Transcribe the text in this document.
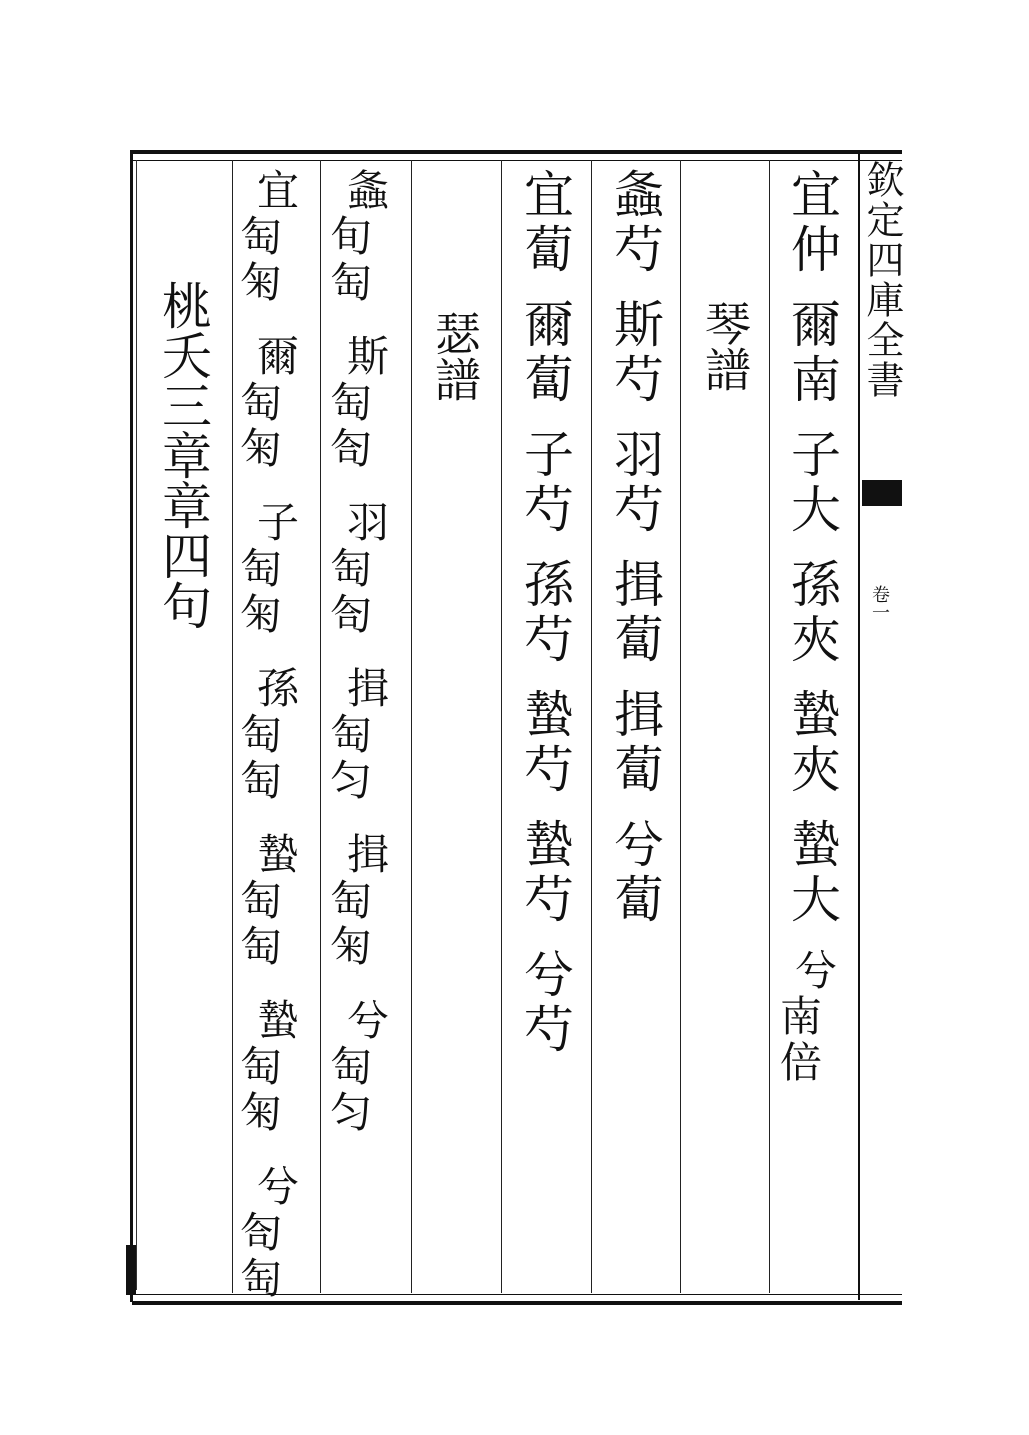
欽定四庫全書
卷一
宜
仲
爾
南
子
大
孫
夾
蟄
夾
蟄
大
兮
南倍
琴譜
螽
芍
斯
芍
羽
芍
揖
蔔
揖
蔔
兮
蔔
宜
蔔
爾
蔔
子
芍
孫
芍
蟄
芍
蟄
芍
兮
芍
瑟譜
螽
旬匋
斯
匋匌
羽
匋匌
揖
匋匀
揖
匋匊
兮
匋匀
宜
匋匊
爾
匋匊
子
匋匊
孫
匋匋
蟄
匋匋
蟄
匋匊
兮
匌匋
桃夭三章章四句
